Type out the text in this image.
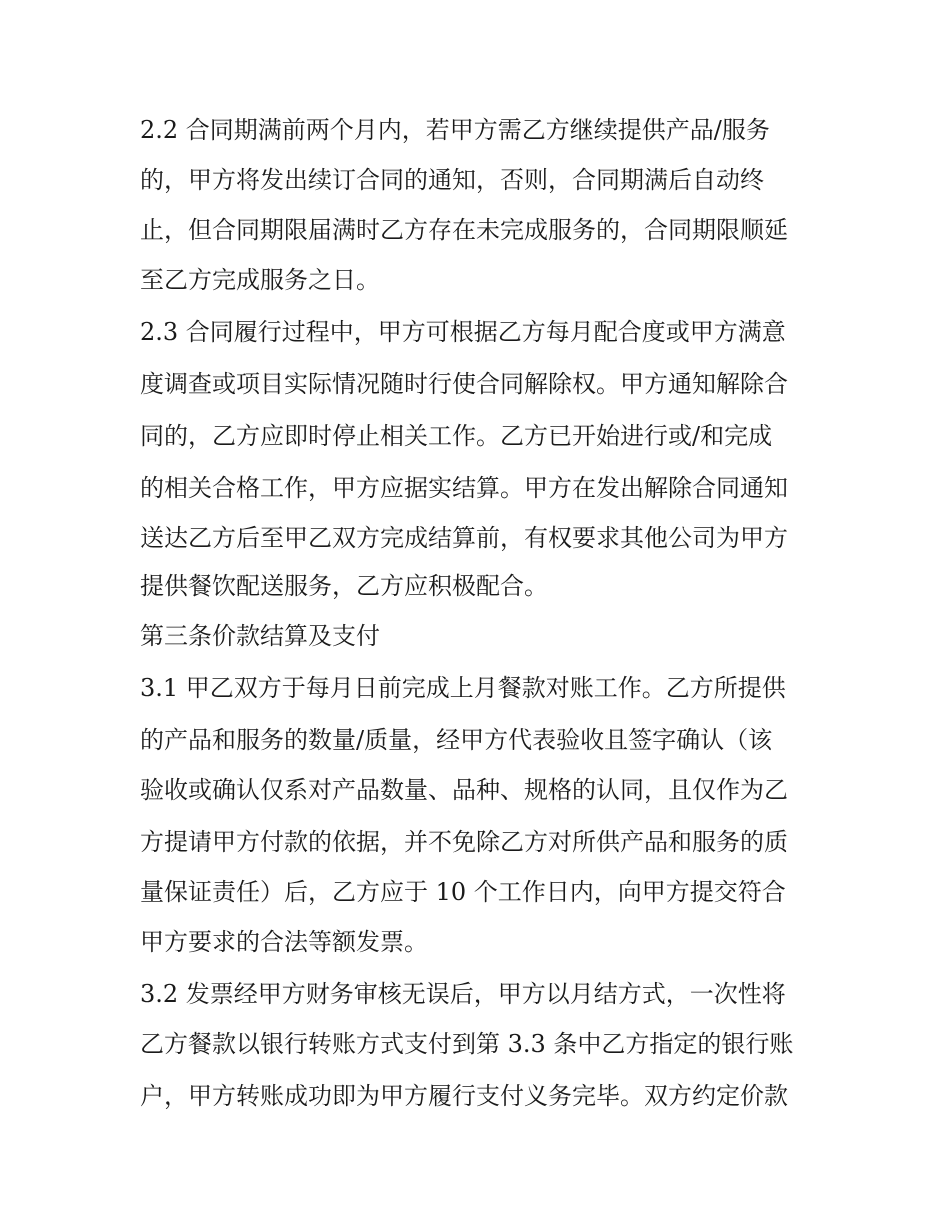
2.2 合同期满前两个月内，若甲方需乙方继续提供产品/服务
的，甲方将发出续订合同的通知，否则，合同期满后自动终
止，但合同期限届满时乙方存在未完成服务的，合同期限顺延
至乙方完成服务之日。
2.3 合同履行过程中，甲方可根据乙方每月配合度或甲方满意
度调查或项目实际情况随时行使合同解除权。甲方通知解除合
同的，乙方应即时停止相关工作。乙方已开始进行或/和完成
的相关合格工作，甲方应据实结算。甲方在发出解除合同通知
送达乙方后至甲乙双方完成结算前，有权要求其他公司为甲方
提供餐饮配送服务，乙方应积极配合。
第三条价款结算及支付
3.1 甲乙双方于每月日前完成上月餐款对账工作。乙方所提供
的产品和服务的数量/质量，经甲方代表验收且签字确认（该
验收或确认仅系对产品数量、品种、规格的认同，且仅作为乙
方提请甲方付款的依据，并不免除乙方对所供产品和服务的质
量保证责任）后，乙方应于 10 个工作日内，向甲方提交符合
甲方要求的合法等额发票。
3.2 发票经甲方财务审核无误后，甲方以月结方式，一次性将
乙方餐款以银行转账方式支付到第 3.3 条中乙方指定的银行账
户，甲方转账成功即为甲方履行支付义务完毕。双方约定价款
